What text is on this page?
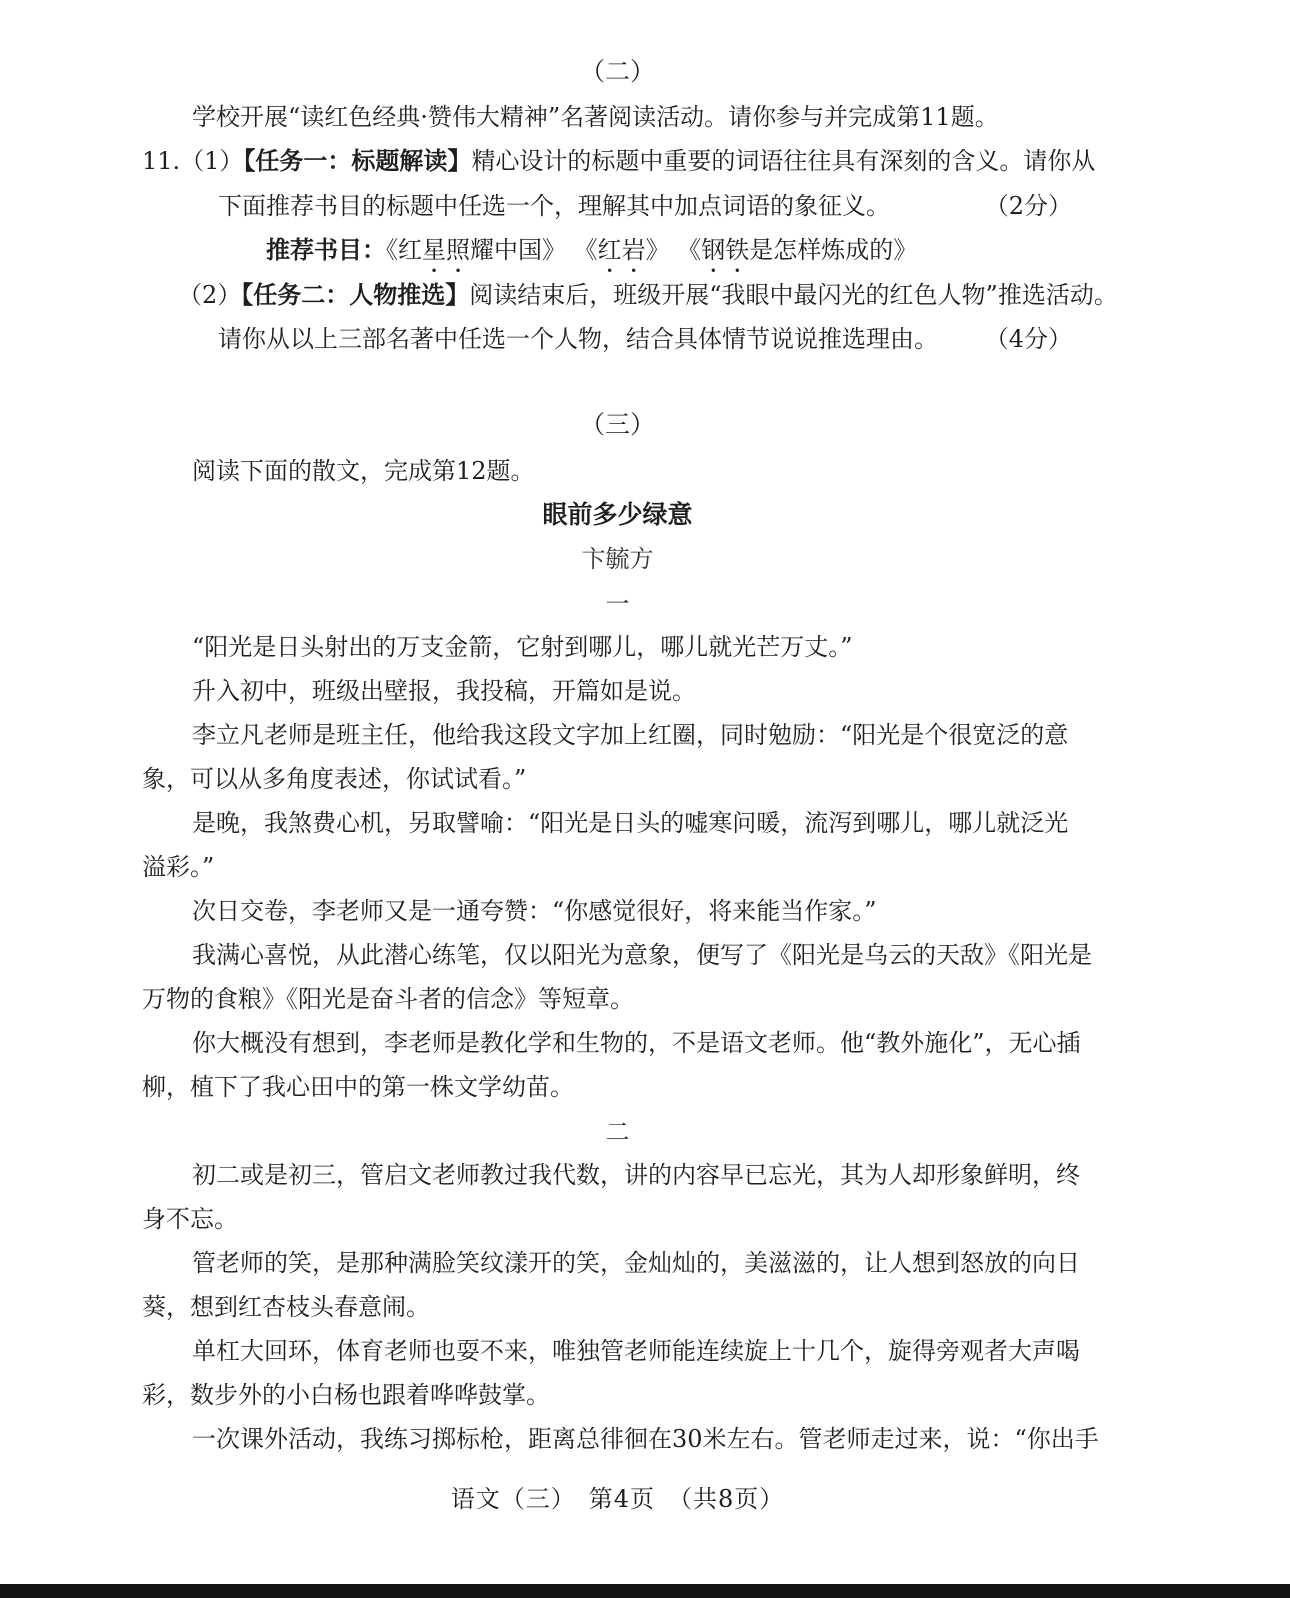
（二）
学校开展“读红色经典·赞伟大精神”名著阅读活动。请你参与并完成第11题。
11.（1）【任务一：标题解读】精心设计的标题中重要的词语往往具有深刻的含义。请你从
下面推荐书目的标题中任选一个，理解其中加点词语的象征义。	（2分）
推荐书目：《红星照耀中国》 《红岩》 《钢铁是怎样炼成的》
（2）【任务二：人物推选】阅读结束后，班级开展“我眼中最闪光的红色人物”推选活动。
请你从以上三部名著中任选一个人物，结合具体情节说说推选理由。 （4分）
（三）
阅读下面的散文，完成第12题。
眼前多少绿意
卞毓方
一
“阳光是日头射出的万支金箭，它射到哪儿，哪儿就光芒万丈。”
升入初中，班级出壁报，我投稿，开篇如是说。
李立凡老师是班主任，他给我这段文字加上红圈，同时勉励：“阳光是个很宽泛的意
象，可以从多角度表述，你试试看。”
是晚，我煞费心机，另取譬喻：“阳光是日头的嘘寒问暖，流泻到哪儿，哪儿就泛光
溢彩。”
次日交卷，李老师又是一通夸赞：“你感觉很好，将来能当作家。”
我满心喜悦，从此潜心练笔，仅以阳光为意象，便写了《阳光是乌云的天敌》《阳光是
万物的食粮》《阳光是奋斗者的信念》等短章。
你大概没有想到，李老师是教化学和生物的，不是语文老师。他“教外施化”，无心插
柳，植下了我心田中的第一株文学幼苗。
二
初二或是初三，管启文老师教过我代数，讲的内容早已忘光，其为人却形象鲜明，终
身不忘。
管老师的笑，是那种满脸笑纹漾开的笑，金灿灿的，美滋滋的，让人想到怒放的向日
葵，想到红杏枝头春意闹。
单杠大回环，体育老师也耍不来，唯独管老师能连续旋上十几个，旋得旁观者大声喝
彩，数步外的小白杨也跟着哗哗鼓掌。
一次课外活动，我练习掷标枪，距离总徘徊在30米左右。管老师走过来，说：“你出手
语文（三）　第4页　（共8页）
